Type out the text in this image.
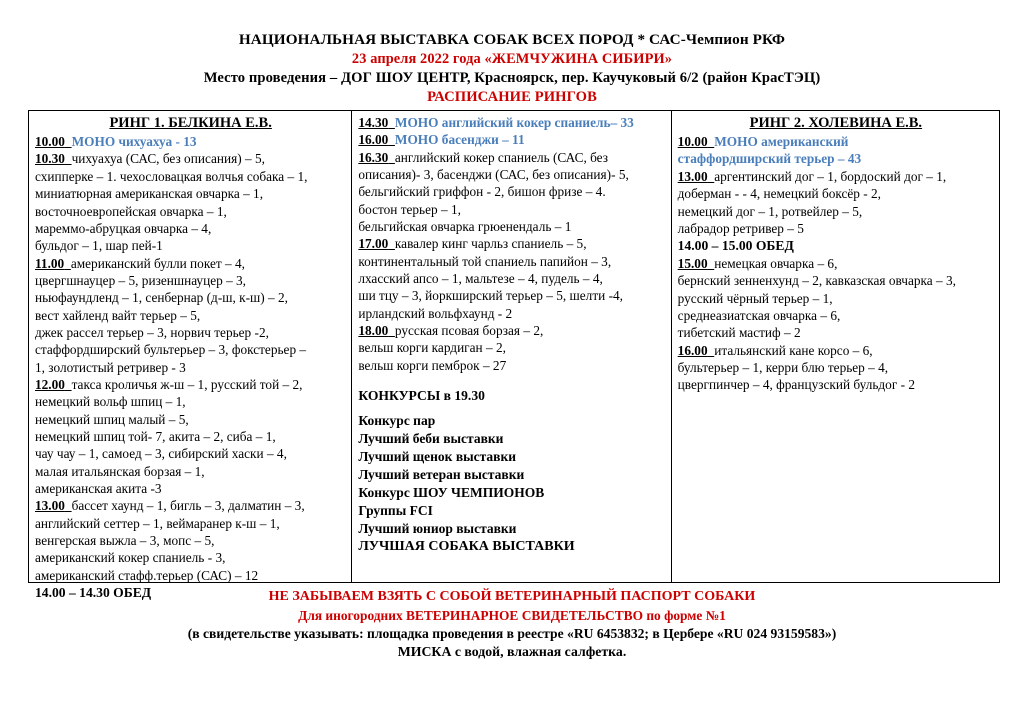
НАЦИОНАЛЬНАЯ ВЫСТАВКА СОБАК ВСЕХ ПОРОД * САС-Чемпион РКФ
23 апреля 2022 года «ЖЕМЧУЖИНА СИБИРИ»
Место проведения – ДОГ ШОУ ЦЕНТР, Красноярск, пер. Каучуковый 6/2 (район КрасТЭЦ)
РАСПИСАНИЕ РИНГОВ
РИНГ 1. БЕЛКИНА Е.В.
10.00 МОНО чихуахуа - 13
10.30 чихуахуа (САС, без описания) – 5,
схипперке – 1. чехословацкая волчья собака – 1,
миниатюрная американская овчарка – 1,
восточноевропейская овчарка – 1,
мареммо-абруцкая овчарка – 4,
бульдог – 1, шар пей-1
11.00 американский булли покет – 4,
цвергшнауцер – 5, ризеншнауцер – 3,
ньюфаундленд – 1, сенбернар (д-ш, к-ш) – 2,
вест хайленд вайт терьер – 5,
джек рассел терьер – 3, норвич терьер -2,
стаффордширский бультерьер – 3, фокстерьер –
1, золотистый ретривер - 3
12.00 такса кроличья ж-ш – 1, русский той – 2,
немецкий вольф шпиц – 1,
немецкий шпиц малый – 5,
немецкий шпиц той- 7, акита – 2, сиба – 1,
чау чау – 1, самоед – 3, сибирский хаски – 4,
малая итальянская борзая – 1,
американская акита -3
13.00 бассет хаунд – 1, бигль – 3, далматин – 3,
английский сеттер – 1, веймаранер к-ш – 1,
венгерская выжла – 3, мопс – 5,
американский кокер спаниель - 3,
американский стафф.терьер (САС) – 12
14.00 – 14.30 ОБЕД
14.30 МОНО английский кокер спаниель– 33
16.00 МОНО басенджи – 11
16.30 английский кокер спаниель (САС, без
описания)- 3, басенджи (САС, без описания)- 5,
бельгийский гриффон - 2, бишон фризе – 4.
бостон терьер – 1,
бельгийская овчарка грюенендаль – 1
17.00 кавалер кинг чарльз спаниель – 5,
континентальный той спаниель папийон – 3,
лхасский апсо – 1, мальтезе – 4, пудель – 4,
ши тцу – 3, йоркширский терьер – 5, шелти -4,
ирландский вольфхаунд - 2
18.00 русская псовая борзая – 2,
вельш корги кардиган – 2,
вельш корги пемброк – 27
КОНКУРСЫ в 19.30
Конкурс пар
Лучший беби выставки
Лучший щенок выставки
Лучший ветеран выставки
Конкурс ШОУ ЧЕМПИОНОВ
Группы FCI
Лучший юниор выставки
ЛУЧШАЯ СОБАКА ВЫСТАВКИ
РИНГ 2. ХОЛЕВИНА Е.В.
10.00 МОНО американский
стаффордширский терьер – 43
13.00 аргентинский дог – 1, бордоский дог – 1,
доберман - - 4, немецкий боксёр - 2,
немецкий дог – 1, ротвейлер – 5,
лабрадор ретривер – 5
14.00 – 15.00 ОБЕД
15.00 немецкая овчарка – 6,
бернский зенненхунд – 2, кавказская овчарка – 3,
русский чёрный терьер – 1,
среднеазиатская овчарка – 6,
тибетский мастиф – 2
16.00 итальянский кане корсо – 6,
бультерьер – 1, керри блю терьер – 4,
цвергпинчер – 4, французский бульдог - 2
НЕ ЗАБЫВАЕМ ВЗЯТЬ С СОБОЙ ВЕТЕРИНАРНЫЙ ПАСПОРТ СОБАКИ
Для иногородних ВЕТЕРИНАРНОЕ СВИДЕТЕЛЬСТВО по форме №1
(в свидетельстве указывать: площадка проведения в реестре «RU 6453832; в Цербере «RU 024 93159583»)
МИСКА с водой, влажная салфетка.
